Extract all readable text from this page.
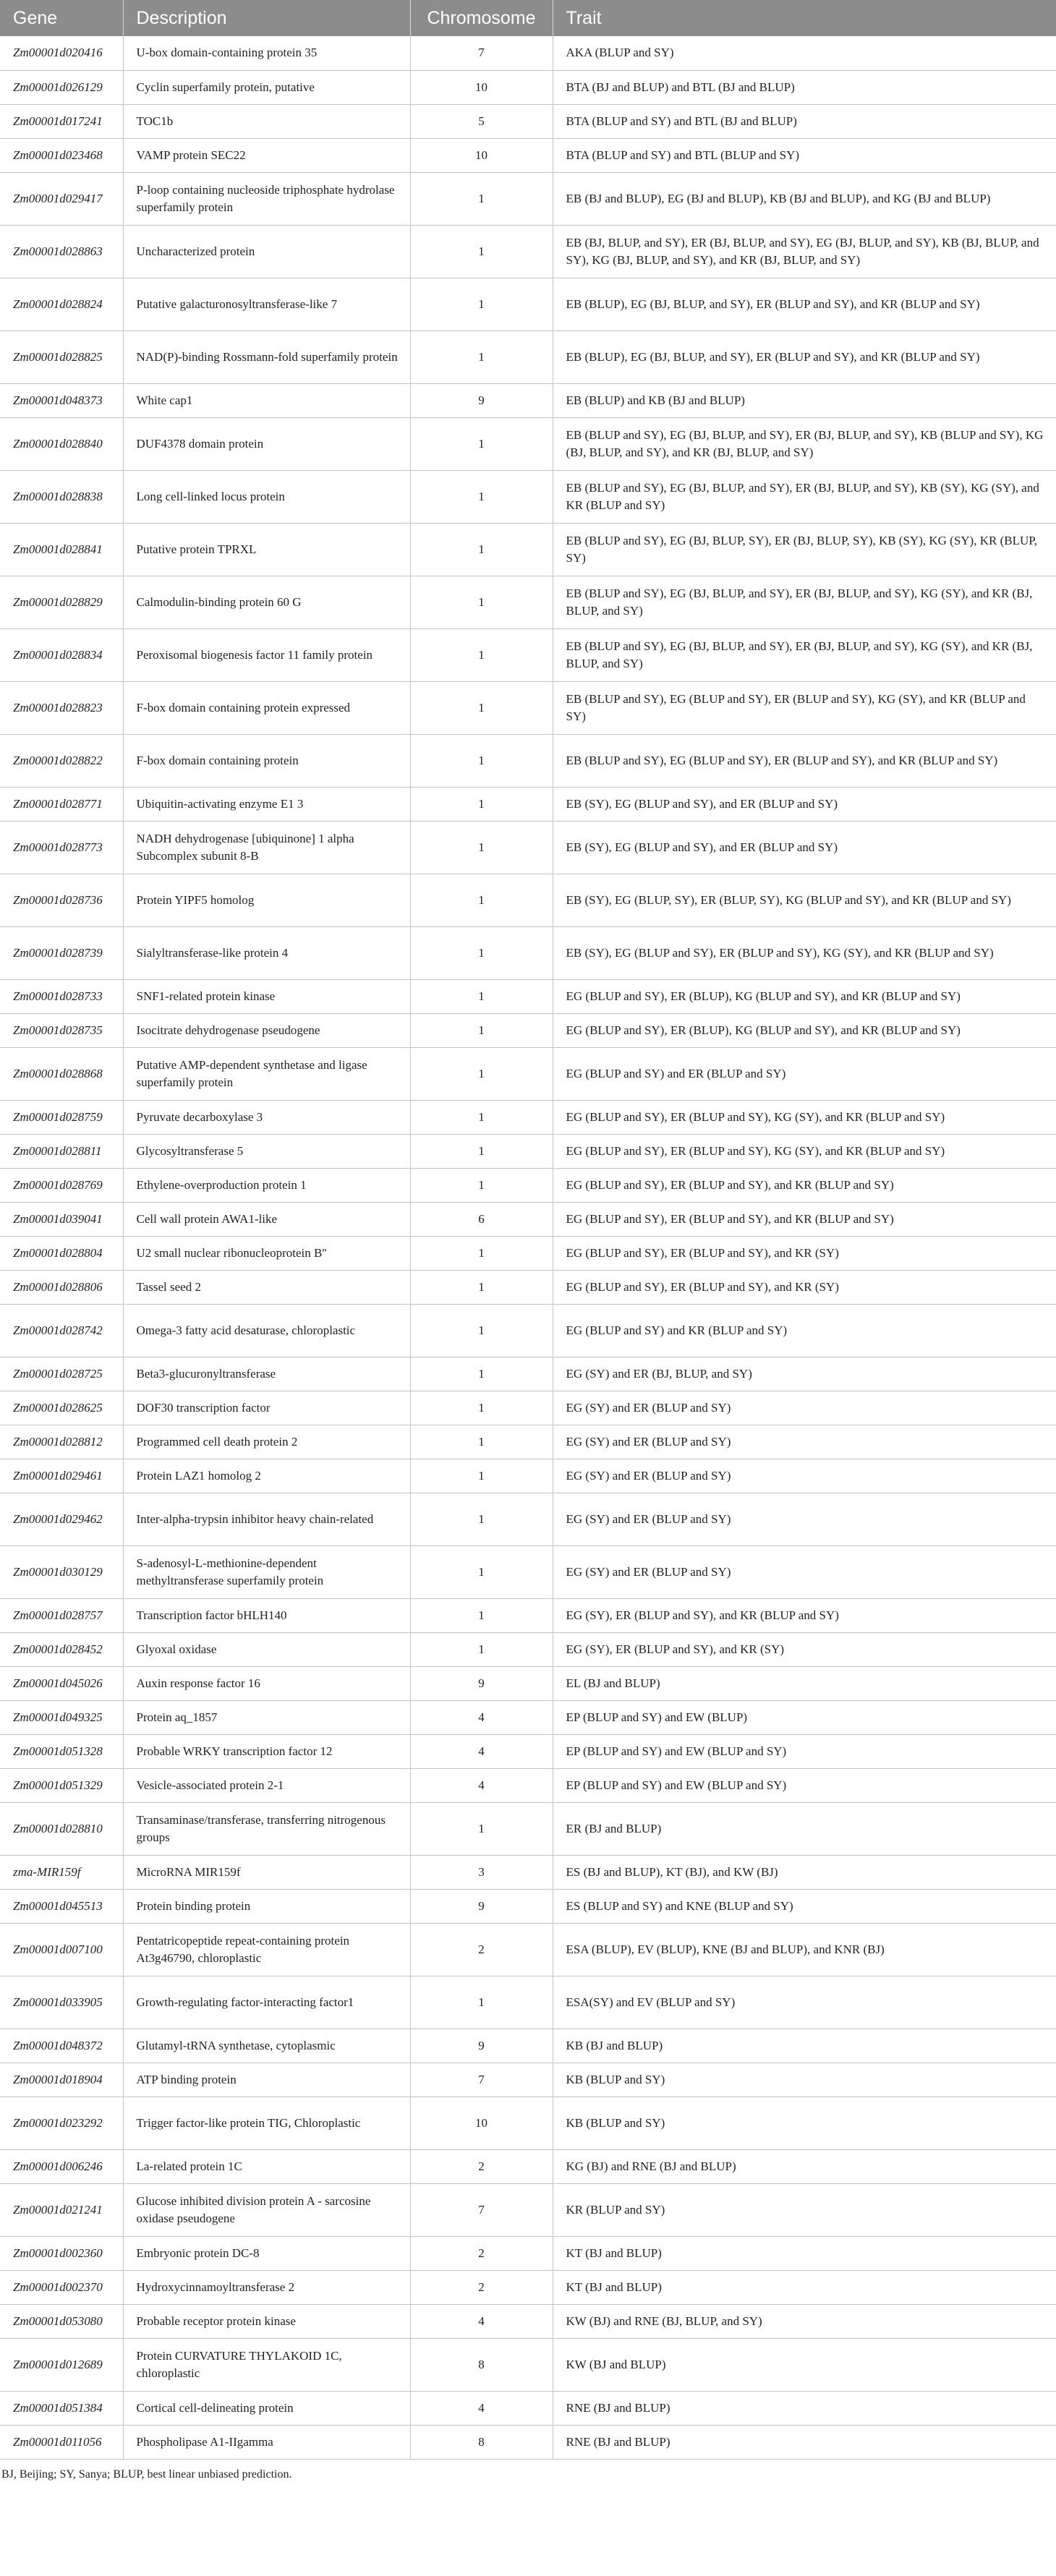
Gene	Description	Chromosome	Trait
Zm00001d020416	U-box domain-containing protein 35	7	AKA (BLUP and SY)
Zm00001d026129	Cyclin superfamily protein, putative	10	BTA (BJ and BLUP) and BTL (BJ and BLUP)
Zm00001d017241	TOC1b	5	BTA (BLUP and SY) and BTL (BJ and BLUP)
Zm00001d023468	VAMP protein SEC22	10	BTA (BLUP and SY) and BTL (BLUP and SY)
Zm00001d029417	P-loop containing nucleoside triphosphate hydrolase superfamily protein	1	EB (BJ and BLUP), EG (BJ and BLUP), KB (BJ and BLUP), and KG (BJ and BLUP)
Zm00001d028863	Uncharacterized protein	1	EB (BJ, BLUP, and SY), ER (BJ, BLUP, and SY), EG (BJ, BLUP, and SY), KB (BJ, BLUP, and SY), KG (BJ, BLUP, and SY), and KR (BJ, BLUP, and SY)
Zm00001d028824	Putative galacturonosyltransferase-like 7	1	EB (BLUP), EG (BJ, BLUP, and SY), ER (BLUP and SY), and KR (BLUP and SY)
Zm00001d028825	NAD(P)-binding Rossmann-fold superfamily protein	1	EB (BLUP), EG (BJ, BLUP, and SY), ER (BLUP and SY), and KR (BLUP and SY)
Zm00001d048373	White cap1	9	EB (BLUP) and KB (BJ and BLUP)
Zm00001d028840	DUF4378 domain protein	1	EB (BLUP and SY), EG (BJ, BLUP, and SY), ER (BJ, BLUP, and SY), KB (BLUP and SY), KG (BJ, BLUP, and SY), and KR (BJ, BLUP, and SY)
Zm00001d028838	Long cell-linked locus protein	1	EB (BLUP and SY), EG (BJ, BLUP, and SY), ER (BJ, BLUP, and SY), KB (SY), KG (SY), and KR (BLUP and SY)
Zm00001d028841	Putative protein TPRXL	1	EB (BLUP and SY), EG (BJ, BLUP, SY), ER (BJ, BLUP, SY), KB (SY), KG (SY), KR (BLUP, SY)
Zm00001d028829	Calmodulin-binding protein 60 G	1	EB (BLUP and SY), EG (BJ, BLUP, and SY), ER (BJ, BLUP, and SY), KG (SY), and KR (BJ, BLUP, and SY)
Zm00001d028834	Peroxisomal biogenesis factor 11 family protein	1	EB (BLUP and SY), EG (BJ, BLUP, and SY), ER (BJ, BLUP, and SY), KG (SY), and KR (BJ, BLUP, and SY)
Zm00001d028823	F-box domain containing protein expressed	1	EB (BLUP and SY), EG (BLUP and SY), ER (BLUP and SY), KG (SY), and KR (BLUP and SY)
Zm00001d028822	F-box domain containing protein	1	EB (BLUP and SY), EG (BLUP and SY), ER (BLUP and SY), and KR (BLUP and SY)
Zm00001d028771	Ubiquitin-activating enzyme E1 3	1	EB (SY), EG (BLUP and SY), and ER (BLUP and SY)
Zm00001d028773	NADH dehydrogenase [ubiquinone] 1 alpha Subcomplex subunit 8-B	1	EB (SY), EG (BLUP and SY), and ER (BLUP and SY)
Zm00001d028736	Protein YIPF5 homolog	1	EB (SY), EG (BLUP, SY), ER (BLUP, SY), KG (BLUP and SY), and KR (BLUP and SY)
Zm00001d028739	Sialyltransferase-like protein 4	1	EB (SY), EG (BLUP and SY), ER (BLUP and SY), KG (SY), and KR (BLUP and SY)
Zm00001d028733	SNF1-related protein kinase	1	EG (BLUP and SY), ER (BLUP), KG (BLUP and SY), and KR (BLUP and SY)
Zm00001d028735	Isocitrate dehydrogenase pseudogene	1	EG (BLUP and SY), ER (BLUP), KG (BLUP and SY), and KR (BLUP and SY)
Zm00001d028868	Putative AMP-dependent synthetase and ligase superfamily protein	1	EG (BLUP and SY) and ER (BLUP and SY)
Zm00001d028759	Pyruvate decarboxylase 3	1	EG (BLUP and SY), ER (BLUP and SY), KG (SY), and KR (BLUP and SY)
Zm00001d028811	Glycosyltransferase 5	1	EG (BLUP and SY), ER (BLUP and SY), KG (SY), and KR (BLUP and SY)
Zm00001d028769	Ethylene-overproduction protein 1	1	EG (BLUP and SY), ER (BLUP and SY), and KR (BLUP and SY)
Zm00001d039041	Cell wall protein AWA1-like	6	EG (BLUP and SY), ER (BLUP and SY), and KR (BLUP and SY)
Zm00001d028804	U2 small nuclear ribonucleoprotein B''	1	EG (BLUP and SY), ER (BLUP and SY), and KR (SY)
Zm00001d028806	Tassel seed 2	1	EG (BLUP and SY), ER (BLUP and SY), and KR (SY)
Zm00001d028742	Omega-3 fatty acid desaturase, chloroplastic	1	EG (BLUP and SY) and KR (BLUP and SY)
Zm00001d028725	Beta3-glucuronyltransferase	1	EG (SY) and ER (BJ, BLUP, and SY)
Zm00001d028625	DOF30 transcription factor	1	EG (SY) and ER (BLUP and SY)
Zm00001d028812	Programmed cell death protein 2	1	EG (SY) and ER (BLUP and SY)
Zm00001d029461	Protein LAZ1 homolog 2	1	EG (SY) and ER (BLUP and SY)
Zm00001d029462	Inter-alpha-trypsin inhibitor heavy chain-related	1	EG (SY) and ER (BLUP and SY)
Zm00001d030129	S-adenosyl-L-methionine-dependent methyltransferase superfamily protein	1	EG (SY) and ER (BLUP and SY)
Zm00001d028757	Transcription factor bHLH140	1	EG (SY), ER (BLUP and SY), and KR (BLUP and SY)
Zm00001d028452	Glyoxal oxidase	1	EG (SY), ER (BLUP and SY), and KR (SY)
Zm00001d045026	Auxin response factor 16	9	EL (BJ and BLUP)
Zm00001d049325	Protein aq_1857	4	EP (BLUP and SY) and EW (BLUP)
Zm00001d051328	Probable WRKY transcription factor 12	4	EP (BLUP and SY) and EW (BLUP and SY)
Zm00001d051329	Vesicle-associated protein 2-1	4	EP (BLUP and SY) and EW (BLUP and SY)
Zm00001d028810	Transaminase/transferase, transferring nitrogenous groups	1	ER (BJ and BLUP)
zma-MIR159f	MicroRNA MIR159f	3	ES (BJ and BLUP), KT (BJ), and KW (BJ)
Zm00001d045513	Protein binding protein	9	ES (BLUP and SY) and KNE (BLUP and SY)
Zm00001d007100	Pentatricopeptide repeat-containing protein At3g46790, chloroplastic	2	ESA (BLUP), EV (BLUP), KNE (BJ and BLUP), and KNR (BJ)
Zm00001d033905	Growth-regulating factor-interacting factor1	1	ESA(SY) and EV (BLUP and SY)
Zm00001d048372	Glutamyl-tRNA synthetase, cytoplasmic	9	KB (BJ and BLUP)
Zm00001d018904	ATP binding protein	7	KB (BLUP and SY)
Zm00001d023292	Trigger factor-like protein TIG, Chloroplastic	10	KB (BLUP and SY)
Zm00001d006246	La-related protein 1C	2	KG (BJ) and RNE (BJ and BLUP)
Zm00001d021241	Glucose inhibited division protein A - sarcosine oxidase pseudogene	7	KR (BLUP and SY)
Zm00001d002360	Embryonic protein DC-8	2	KT (BJ and BLUP)
Zm00001d002370	Hydroxycinnamoyltransferase 2	2	KT (BJ and BLUP)
Zm00001d053080	Probable receptor protein kinase	4	KW (BJ) and RNE (BJ, BLUP, and SY)
Zm00001d012689	Protein CURVATURE THYLAKOID 1C, chloroplastic	8	KW (BJ and BLUP)
Zm00001d051384	Cortical cell-delineating protein	4	RNE (BJ and BLUP)
Zm00001d011056	Phospholipase A1-IIgamma	8	RNE (BJ and BLUP)
BJ, Beijing; SY, Sanya; BLUP, best linear unbiased prediction.
